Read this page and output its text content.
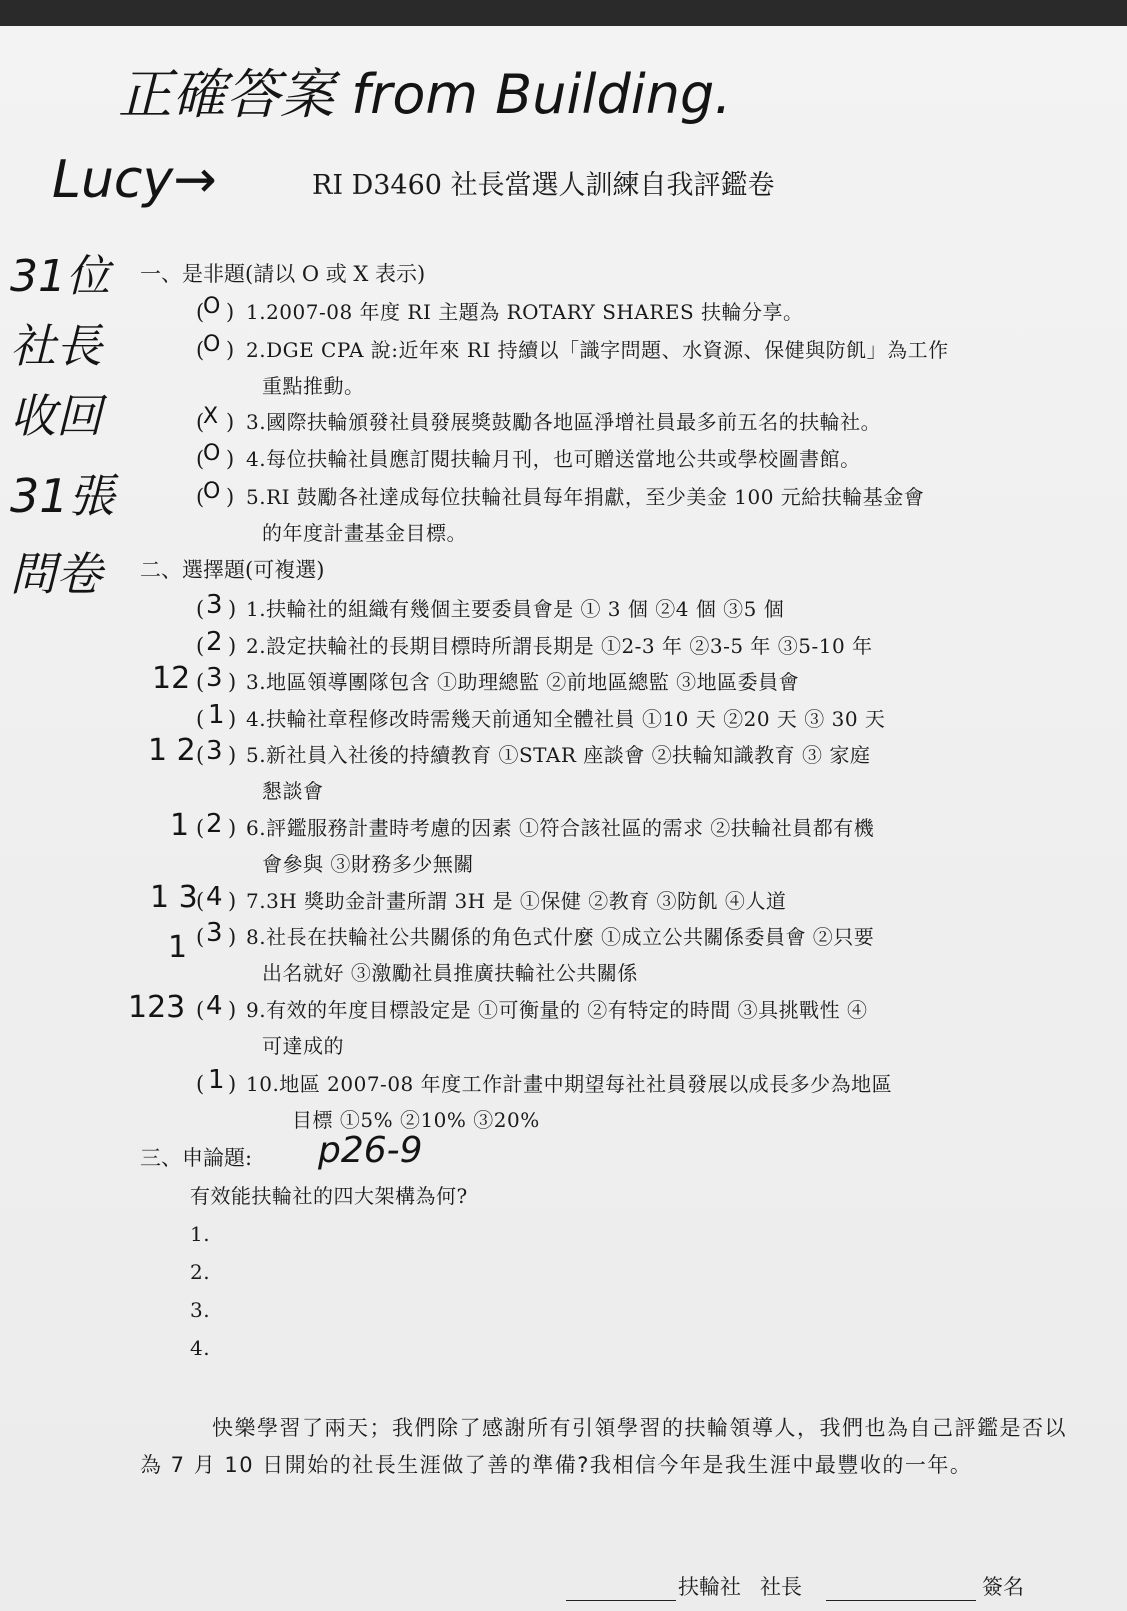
正確答案 from Building.
Lucy→	RI D3460 社長當選人訓練自我評鑑卷
31位
社長
收回
31張
問卷
一、是非題(請以 O 或 X 表示)
(
O ) 1.2007-08 年度 RI 主題為 ROTARY SHARES 扶輪分享。
(
O ) 2.DGE CPA 說:近年來 RI 持續以「識字問題、水資源、保健與防飢」為工作
重點推動。
(
X ) 3.國際扶輪頒發社員發展獎鼓勵各地區淨增社員最多前五名的扶輪社。
(
O ) 4.每位扶輪社員應訂閱扶輪月刊，也可贈送當地公共或學校圖書館。
(
O ) 5.RI 鼓勵各社達成每位扶輪社員每年捐獻，至少美金 100 元給扶輪基金會
的年度計畫基金目標。
二、選擇題(可複選)
( 3 ) 1.扶輪社的組織有幾個主要委員會是 ① 3 個 ②4 個 ③5 個
( 2 ) 2.設定扶輪社的長期目標時所謂長期是 ①2-3 年 ②3-5 年 ③5-10 年
12 ( 3 ) 3.地區領導團隊包含 ①助理總監 ②前地區總監 ③地區委員會
( 1 ) 4.扶輪社章程修改時需幾天前通知全體社員 ①10 天 ②20 天 ③ 30 天
1 2 ( 3 ) 5.新社員入社後的持續教育 ①STAR 座談會 ②扶輪知識教育 ③ 家庭
懇談會
1 ( 2 ) 6.評鑑服務計畫時考慮的因素 ①符合該社區的需求 ②扶輪社員都有機
會參與 ③財務多少無關
1 3
( 4 ) 7.3H 獎助金計畫所謂 3H 是 ①保健 ②教育 ③防飢 ④人道
1 ( 3 ) 8.社長在扶輪社公共關係的角色式什麼 ①成立公共關係委員會 ②只要
出名就好 ③激勵社員推廣扶輪社公共關係
123 ( 4 ) 9.有效的年度目標設定是 ①可衡量的 ②有特定的時間 ③具挑戰性 ④
可達成的
( 1 ) 10.地區 2007-08 年度工作計畫中期望每社社員發展以成長多少為地區
目標 ①5% ②10% ③20%
三、申論題: p26-9
有效能扶輪社的四大架構為何?
1.
2.
3.
4.
快樂學習了兩天；我們除了感謝所有引領學習的扶輪領導人，我們也為自己評鑑是否以為 7 月 10 日開始的社長生涯做了善的準備?我相信今年是我生涯中最豐收的一年。
扶輪社 社長	簽名
